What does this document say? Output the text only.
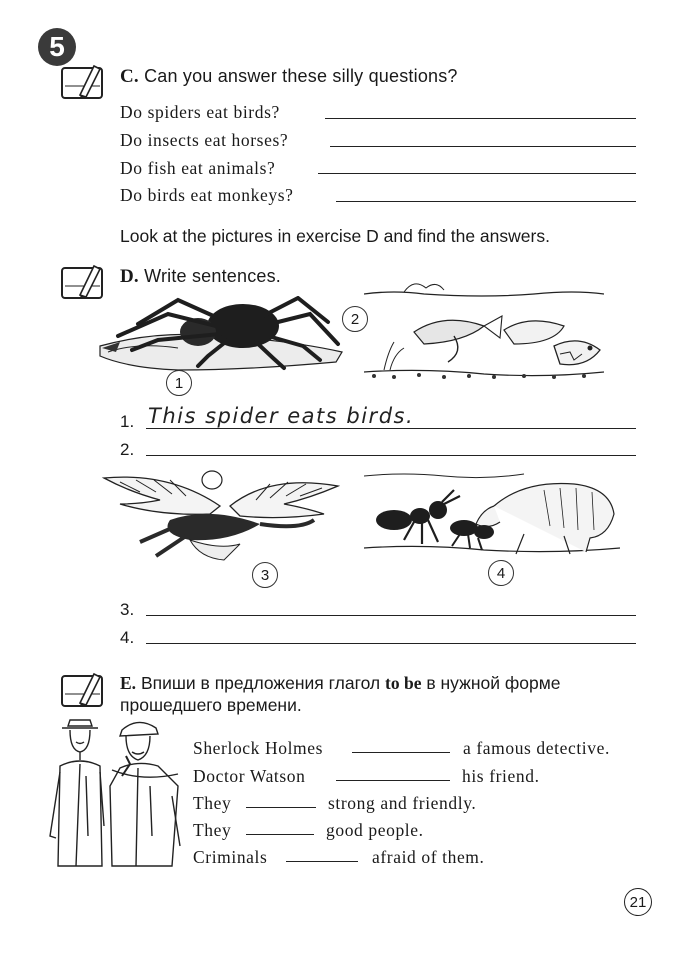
5
C. Can you answer these silly questions?
Do spiders eat birds?
Do insects eat horses?
Do fish eat animals?
Do birds eat monkeys?
Look at the pictures in exercise D and find the answers.
D. Write sentences.
1
2
1. This spider eats birds.
2.
3	4
3.
4.
E. Впиши в предложения глагол to be в нужной форме
прошедшего времени.
Sherlock Holmes	a famous detective.
Doctor Watson	his friend.
They	strong and friendly.
They	good people.
Criminals	afraid of them.
21
